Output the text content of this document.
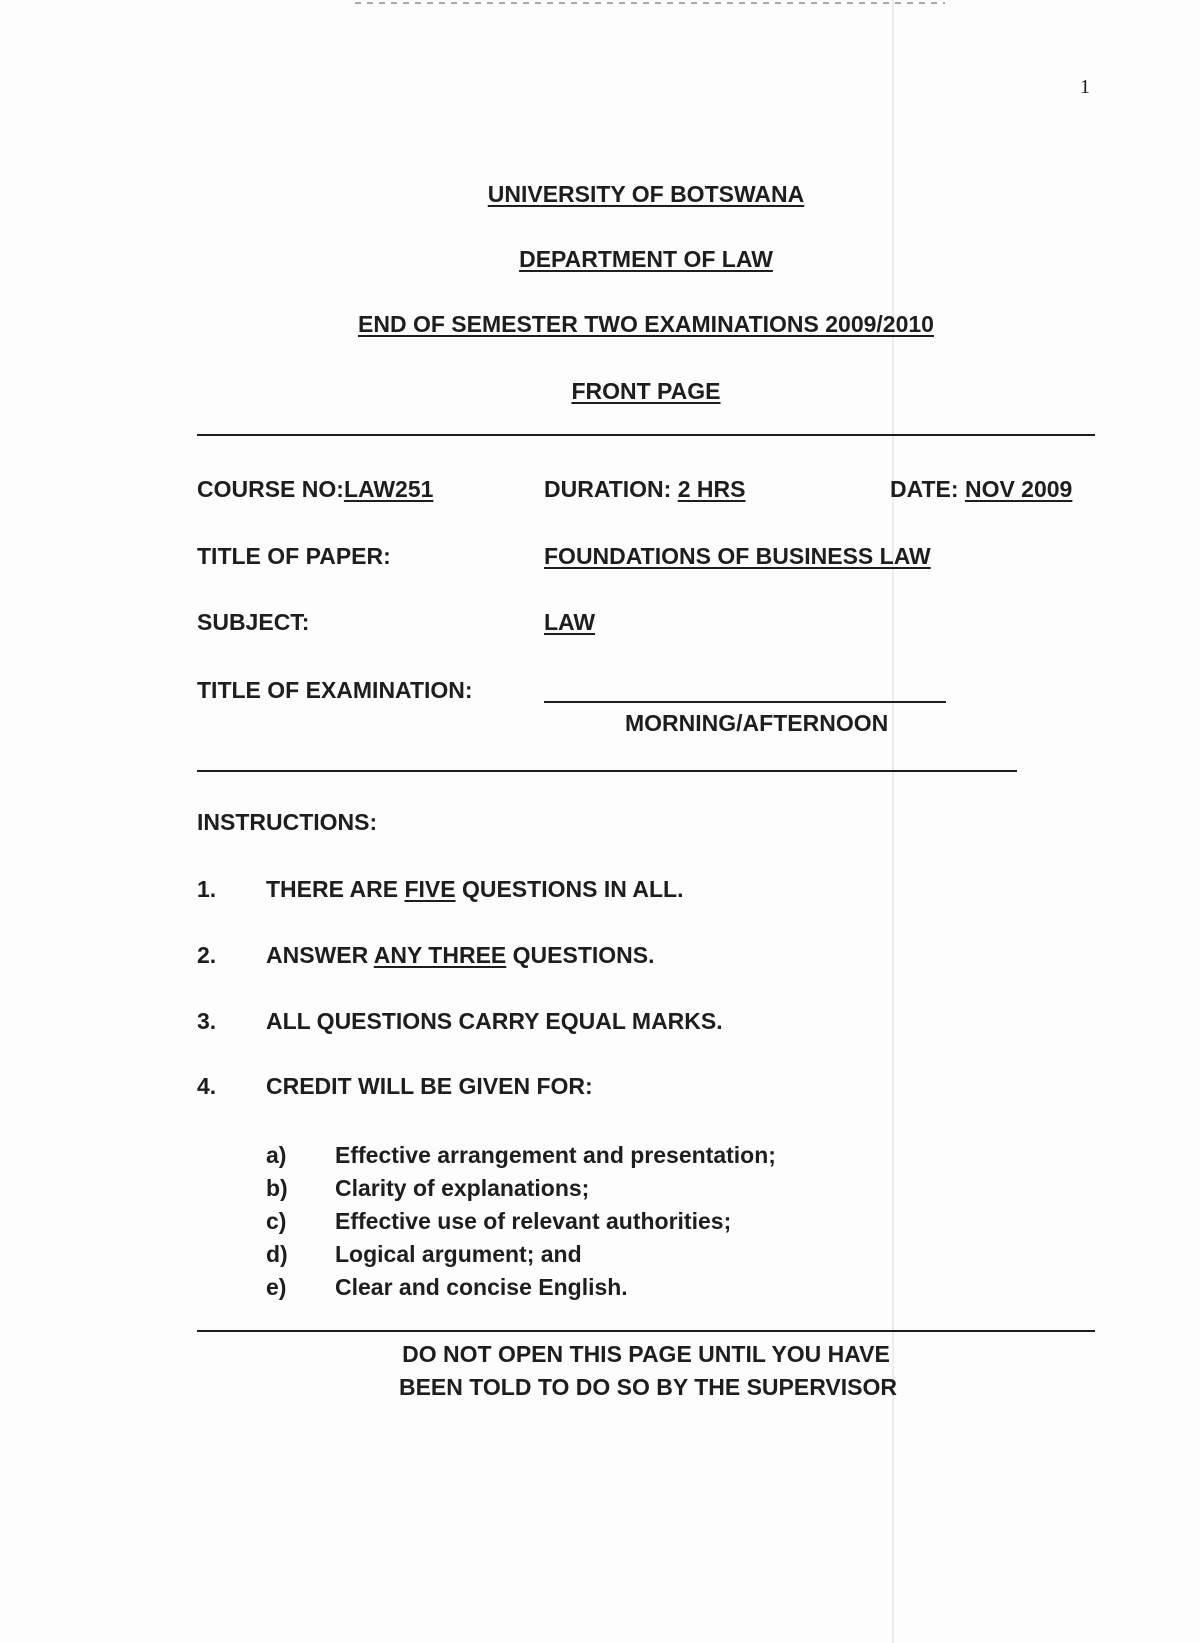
1

UNIVERSITY OF BOTSWANA

DEPARTMENT OF LAW

END OF SEMESTER TWO EXAMINATIONS 2009/2010

FRONT PAGE

COURSE NO:LAW251	DURATION: 2 HRS	DATE: NOV 2009

TITLE OF PAPER:	FOUNDATIONS OF BUSINESS LAW

SUBJECT:	LAW

TITLE OF EXAMINATION:

MORNING/AFTERNOON

INSTRUCTIONS:

1. THERE ARE FIVE QUESTIONS IN ALL.

2. ANSWER ANY THREE QUESTIONS.

3. ALL QUESTIONS CARRY EQUAL MARKS.

4. CREDIT WILL BE GIVEN FOR:

a) Effective arrangement and presentation;

b) Clarity of explanations;

c) Effective use of relevant authorities;

d) Logical argument; and

e) Clear and concise English.

DO NOT OPEN THIS PAGE UNTIL YOU HAVE

BEEN TOLD TO DO SO BY THE SUPERVISOR
